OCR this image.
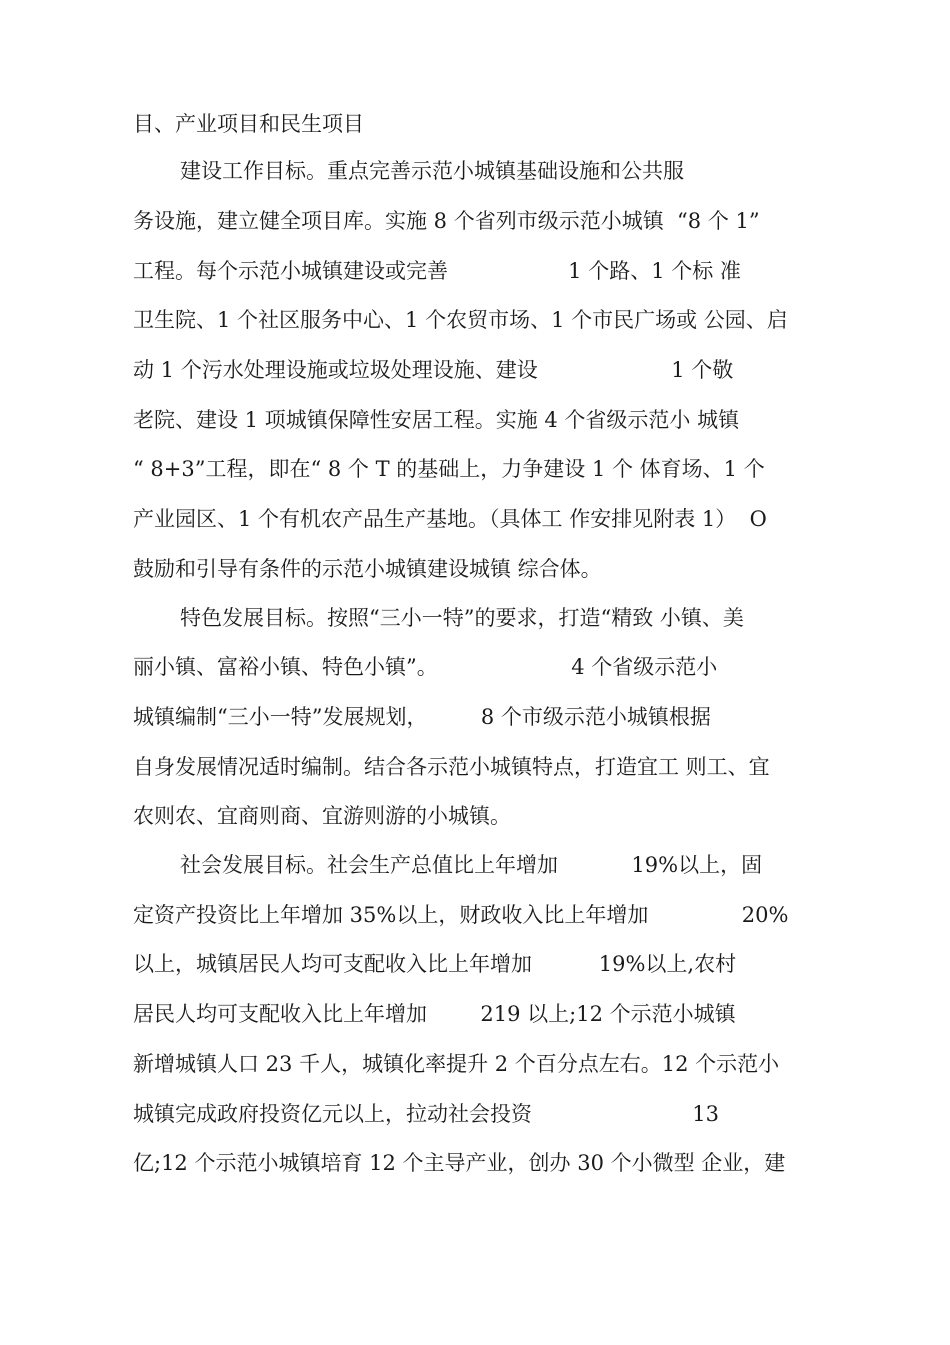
目、产业项目和民生项目
建设工作目标。重点完善示范小城镇基础设施和公共服
务设施，建立健全项目库。实施 8 个省列市级示范小城镇  “8 个 1”
工程。每个示范小城镇建设或完善                  1 个路、1 个标 准
卫生院、1 个社区服务中心、1 个农贸市场、1 个市民广场或 公园、启
动 1 个污水处理设施或垃圾处理设施、建设                    1 个敬
老院、建设 1 项城镇保障性安居工程。实施 4 个省级示范小 城镇
“ 8+3”工程，即在“ 8 个 T 的基础上，力争建设 1 个 体育场、1 个
产业园区、1 个有机农产品生产基地。（具体工 作安排见附表 1）  O
鼓励和引导有条件的示范小城镇建设城镇 综合体。
特色发展目标。按照“三小一特”的要求，打造“精致 小镇、美
丽小镇、富裕小镇、特色小镇”。                    4 个省级示范小
城镇编制“三小一特”发展规划，        8 个市级示范小城镇根据
自身发展情况适时编制。结合各示范小城镇特点，打造宜工 则工、宜
农则农、宜商则商、宜游则游的小城镇。
社会发展目标。社会生产总值比上年增加           19%以上，固
定资产投资比上年增加 35%以上，财政收入比上年增加              20%
以上，城镇居民人均可支配收入比上年增加          19%以上,农村
居民人均可支配收入比上年增加        219 以上;12 个示范小城镇
新增城镇人口 23 千人，城镇化率提升 2 个百分点左右。12 个示范小
城镇完成政府投资亿元以上，拉动社会投资                        13
亿;12 个示范小城镇培育 12 个主导产业，创办 30 个小微型 企业，建
